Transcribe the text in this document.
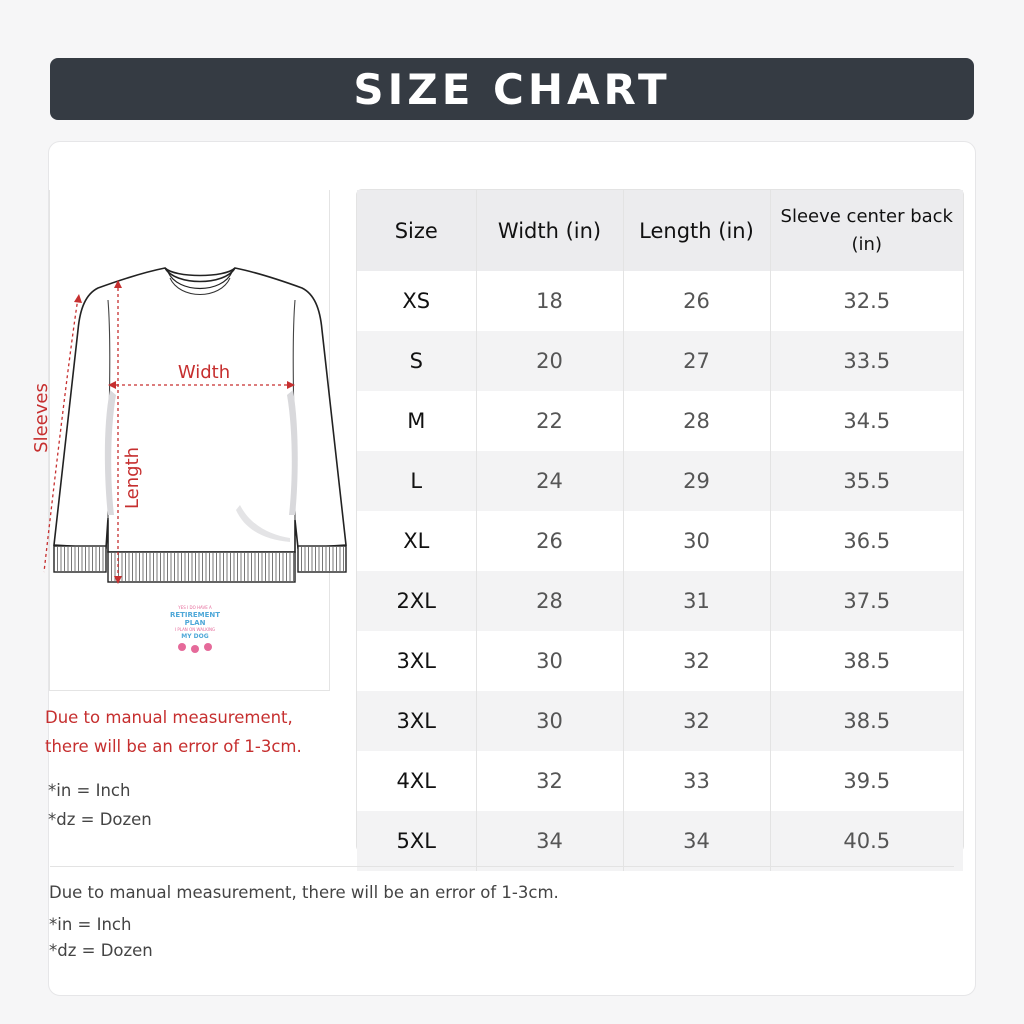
SIZE CHART
Width
Length
Sleeves
YES I DO HAVE A
RETIREMENT
PLAN
I PLAN ON WALKING
MY DOG
Due to manual measurement,
there will be an error of 1-3cm.
*in = Inch
*dz = Dozen
Size	Width (in)	Length (in)	Sleeve center back (in)
XS	18	26	32.5
S	20	27	33.5
M	22	28	34.5
L	24	29	35.5
XL	26	30	36.5
2XL	28	31	37.5
3XL	30	32	38.5
3XL	30	32	38.5
4XL	32	33	39.5
5XL	34	34	40.5
Due to manual measurement, there will be an error of 1-3cm.
*in = Inch
*dz = Dozen
